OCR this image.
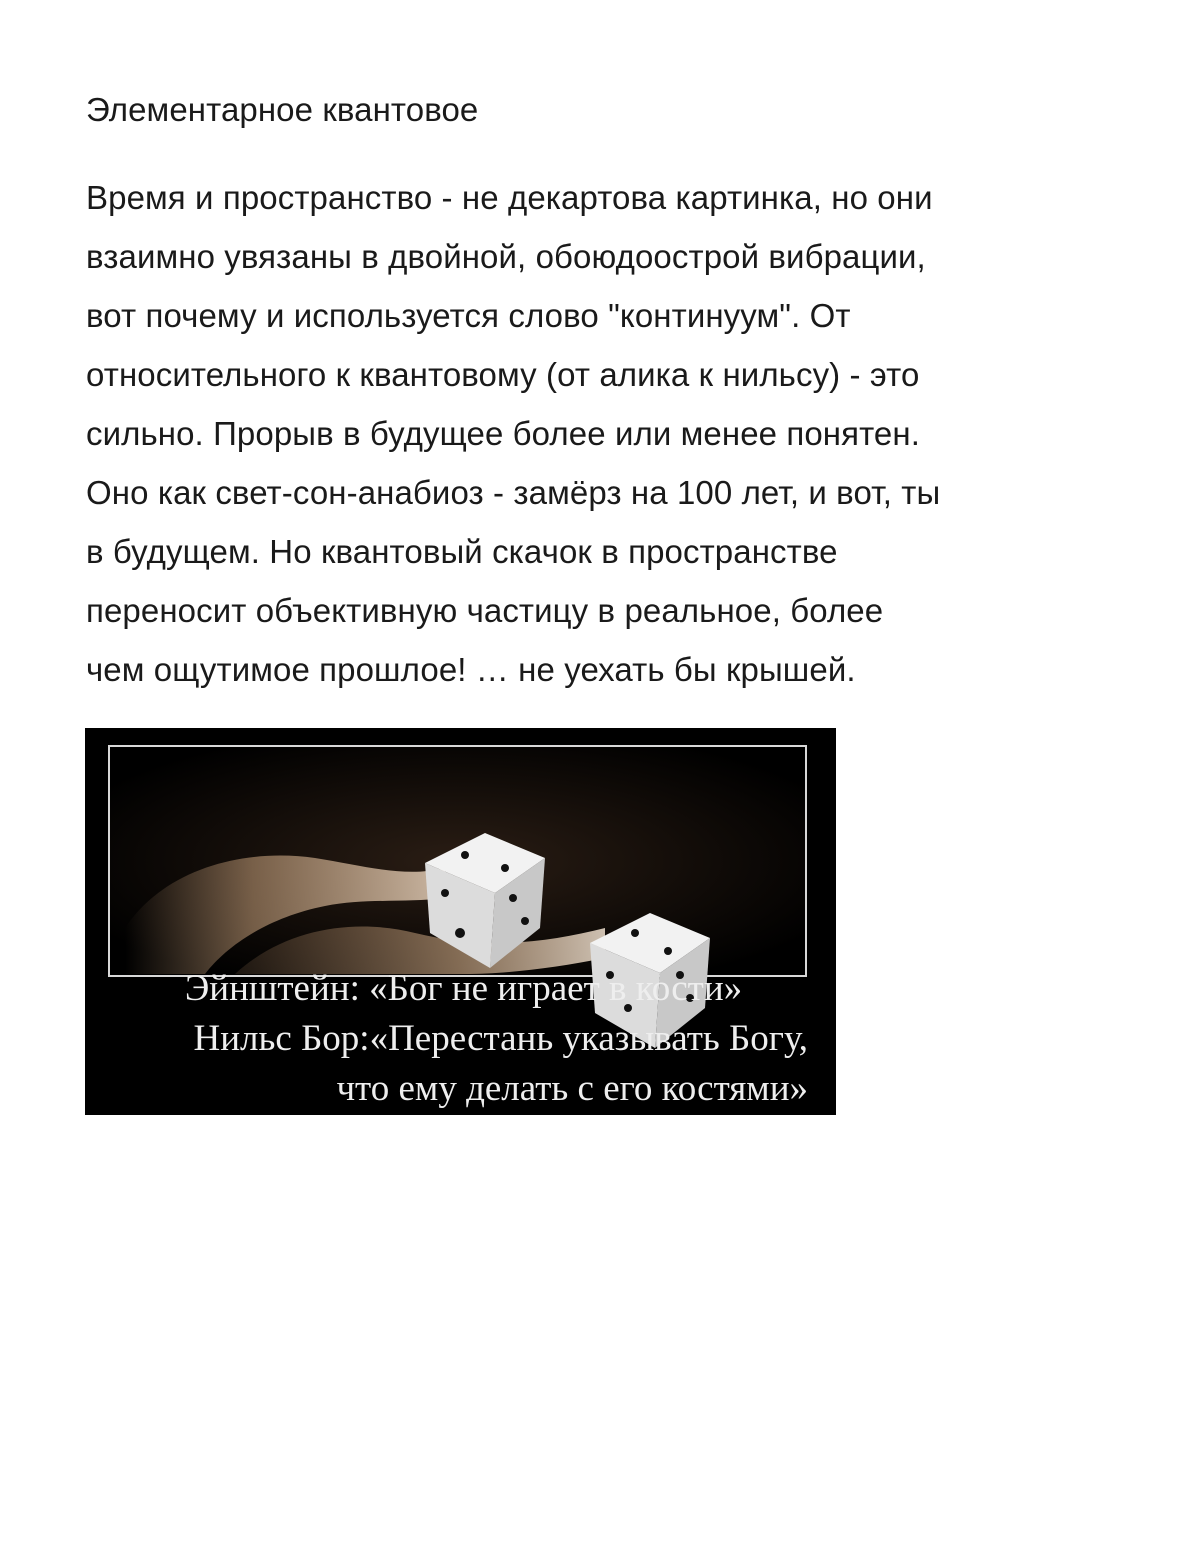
Элементарное квантовое
Время и пространство - не декартова картинка, но они
взаимно увязаны в двойной, обоюдоострой вибрации,
вот почему и используется слово "континуум". От
относительного к квантовому (от алика к нильсу) - это
сильно. Прорыв в будущее более или менее понятен.
Оно как свет-сон-анабиоз - замёрз на 100 лет, и вот, ты
в будущем. Но квантовый скачок в пространстве
переносит объективную частицу в реальное, более
чем ощутимое прошлое! … не уехать бы крышей.
Эйнштейн: «Бог не играет в кости»
Нильс Бор:«Перестань указывать Богу,
что ему делать с его костями»
